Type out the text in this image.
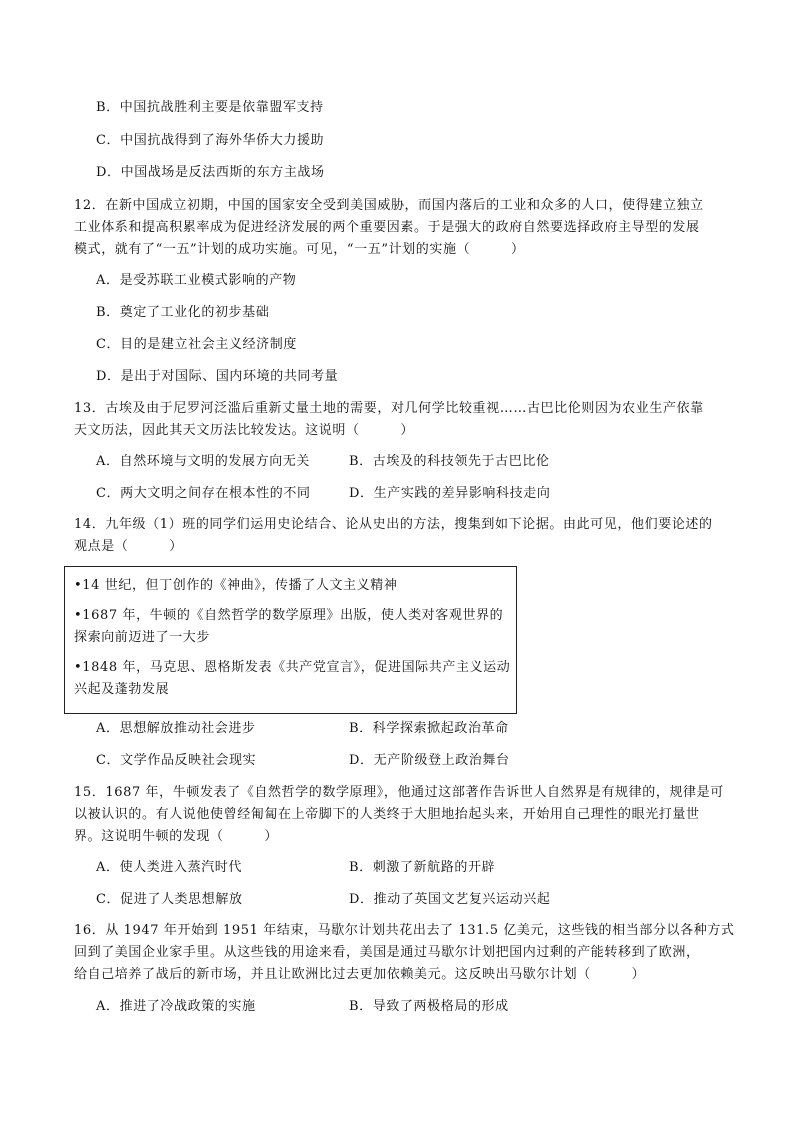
B．中国抗战胜利主要是依靠盟军支持
C．中国抗战得到了海外华侨大力援助
D．中国战场是反法西斯的东方主战场
12．在新中国成立初期，中国的国家安全受到美国威胁，而国内落后的工业和众多的人口，使得建立独立
工业体系和提高积累率成为促进经济发展的两个重要因素。于是强大的政府自然要选择政府主导型的发展
模式，就有了“一五”计划的成功实施。可见，“一五”计划的实施（　　　）
A．是受苏联工业模式影响的产物
B．奠定了工业化的初步基础
C．目的是建立社会主义经济制度
D．是出于对国际、国内环境的共同考量
13．古埃及由于尼罗河泛滥后重新丈量土地的需要，对几何学比较重视……古巴比伦则因为农业生产依靠
天文历法，因此其天文历法比较发达。这说明（　　　）
A．自然环境与文明的发展方向无关	B．古埃及的科技领先于古巴比伦
C．两大文明之间存在根本性的不同	D．生产实践的差异影响科技走向
14．九年级（1）班的同学们运用史论结合、论从史出的方法，搜集到如下论据。由此可见，他们要论述的
观点是（　　　）
•14 世纪，但丁创作的《神曲》，传播了人文主义精神
•1687 年，牛顿的《自然哲学的数学原理》出版，使人类对客观世界的
探索向前迈进了一大步
•1848 年，马克思、恩格斯发表《共产党宣言》，促进国际共产主义运动
兴起及蓬勃发展
A．思想解放推动社会进步	B．科学探索掀起政治革命
C．文学作品反映社会现实	D．无产阶级登上政治舞台
15．1687 年，牛顿发表了《自然哲学的数学原理》，他通过这部著作告诉世人自然界是有规律的，规律是可
以被认识的。有人说他使曾经匍匐在上帝脚下的人类终于大胆地抬起头来，开始用自己理性的眼光打量世
界。这说明牛顿的发现（　　　）
A．使人类进入蒸汽时代	B．刺激了新航路的开辟
C．促进了人类思想解放	D．推动了英国文艺复兴运动兴起
16．从 1947 年开始到 1951 年结束，马歇尔计划共花出去了 131.5 亿美元，这些钱的相当部分以各种方式
回到了美国企业家手里。从这些钱的用途来看，美国是通过马歇尔计划把国内过剩的产能转移到了欧洲，
给自己培养了战后的新市场，并且让欧洲比过去更加依赖美元。这反映出马歇尔计划（　　　）
A．推进了冷战政策的实施	B．导致了两极格局的形成
